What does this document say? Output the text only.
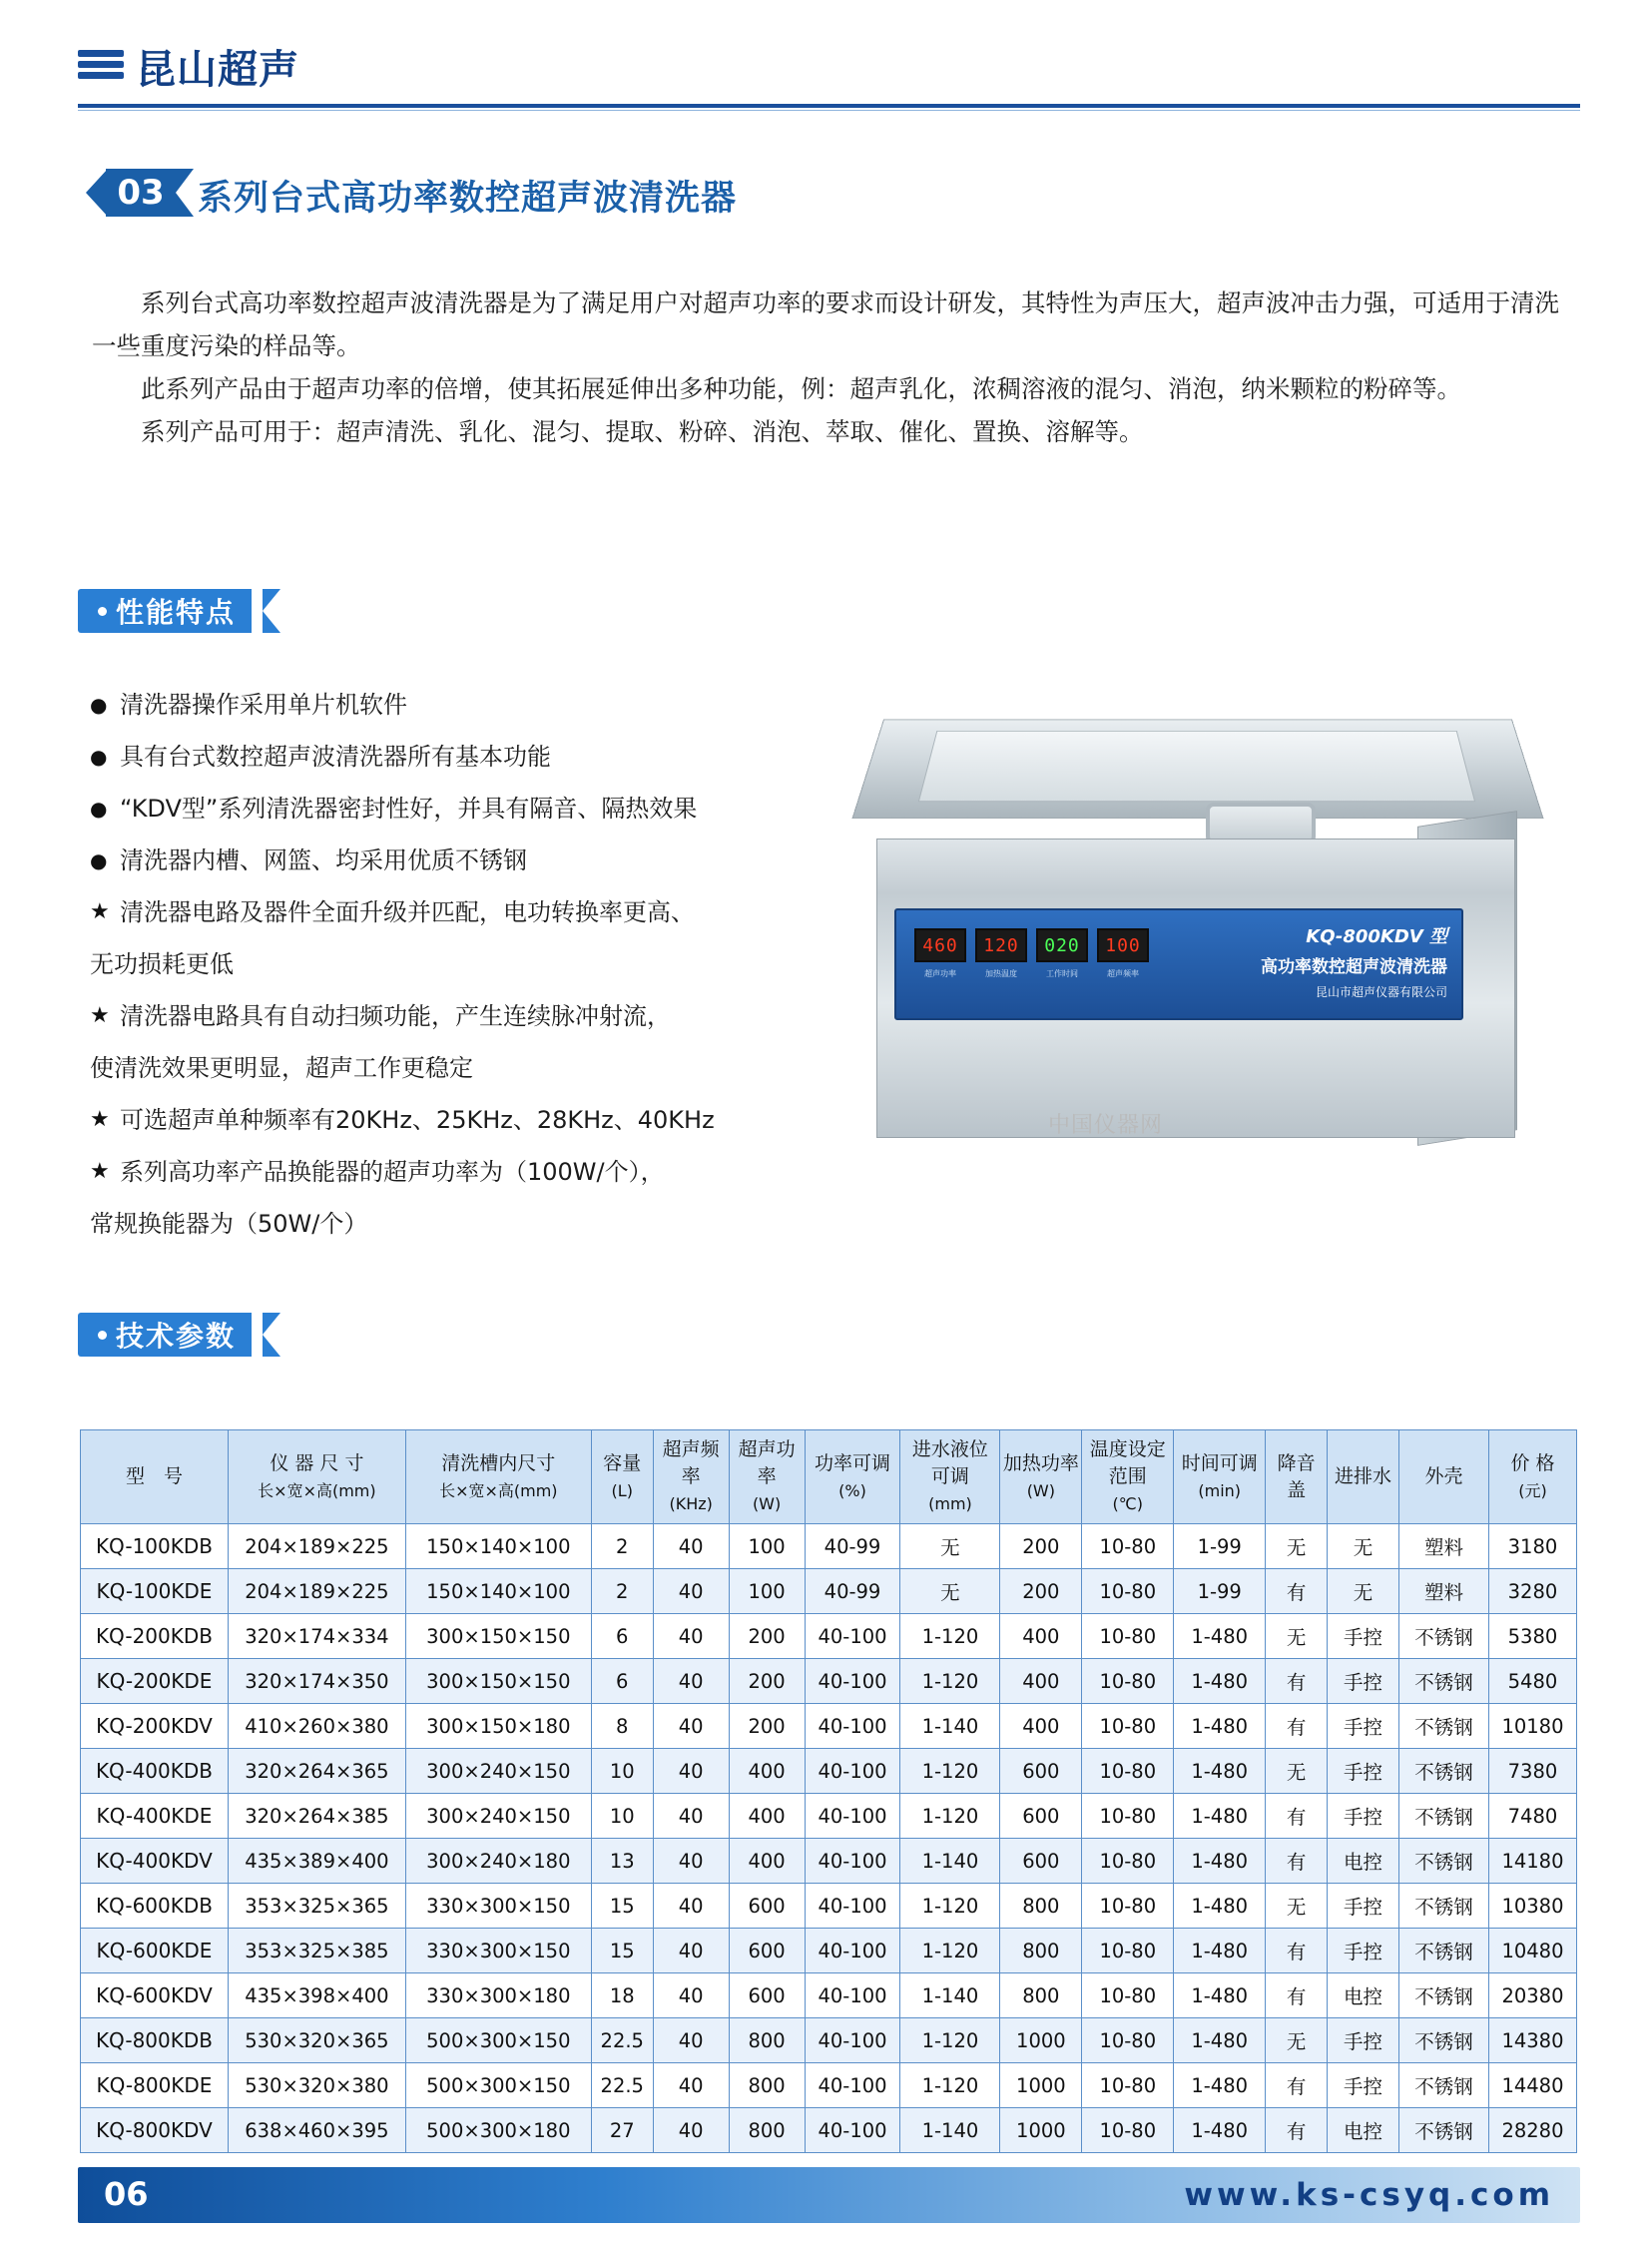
昆山超声
03 系列台式高功率数控超声波清洗器

系列台式高功率数控超声波清洗器是为了满足用户对超声功率的要求而设计研发，其特性为声压大，超声波冲击力强，可适用于清洗一些重度污染的样品等。

此系列产品由于超声功率的倍增，使其拓展延伸出多种功能，例：超声乳化，浓稠溶液的混匀、消泡，纳米颗粒的粉碎等。

系列产品可用于：超声清洗、乳化、混匀、提取、粉碎、消泡、萃取、催化、置换、溶解等。

性能特点
● 清洗器操作采用单片机软件
● 具有台式数控超声波清洗器所有基本功能
● “KDV型”系列清洗器密封性好，并具有隔音、隔热效果
● 清洗器内槽、网篮、均采用优质不锈钢
★ 清洗器电路及器件全面升级并匹配，电功转换率更高、
无功损耗更低
★ 清洗器电路具有自动扫频功能，产生连续脉冲射流，
使清洗效果更明显，超声工作更稳定
★ 可选超声单种频率有20KHz、25KHz、28KHz、40KHz
★ 系列高功率产品换能器的超声功率为（100W/个），
常规换能器为（50W/个）
460	120	020	100
超声功率	加热温度	工作时间	超声频率
KQ-800KDV 型
高功率数控超声波清洗器
昆山市超声仪器有限公司
中国仪器网
技术参数
型　号

仪 器 尺 寸
长×宽×高(mm)

清洗槽内尺寸
长×宽×高(mm)

容量
(L)

超声频率
(KHz)

超声功率
(W)

功率可调
(%)

进水液位可调
(mm)

加热功率
(W)

温度设定范围
(℃)

时间可调
(min)

降音盖

进排水	外壳

价 格
(元)

KQ-100KDB	204×189×225	150×140×100	2	40	100	40-99	无	200	10-80	1-99	无	无	塑料	3180
KQ-100KDE	204×189×225	150×140×100	2	40	100	40-99	无	200	10-80	1-99	有	无	塑料	3280
KQ-200KDB	320×174×334	300×150×150	6	40	200	40-100	1-120	400	10-80	1-480	无	手控	不锈钢	5380
KQ-200KDE	320×174×350	300×150×150	6	40	200	40-100	1-120	400	10-80	1-480	有	手控	不锈钢	5480
KQ-200KDV	410×260×380	300×150×180	8	40	200	40-100	1-140	400	10-80	1-480	有	手控	不锈钢	10180
KQ-400KDB	320×264×365	300×240×150	10	40	400	40-100	1-120	600	10-80	1-480	无	手控	不锈钢	7380
KQ-400KDE	320×264×385	300×240×150	10	40	400	40-100	1-120	600	10-80	1-480	有	手控	不锈钢	7480
KQ-400KDV	435×389×400	300×240×180	13	40	400	40-100	1-140	600	10-80	1-480	有	电控	不锈钢	14180
KQ-600KDB	353×325×365	330×300×150	15	40	600	40-100	1-120	800	10-80	1-480	无	手控	不锈钢	10380
KQ-600KDE	353×325×385	330×300×150	15	40	600	40-100	1-120	800	10-80	1-480	有	手控	不锈钢	10480
KQ-600KDV	435×398×400	330×300×180	18	40	600	40-100	1-140	800	10-80	1-480	有	电控	不锈钢	20380
KQ-800KDB	530×320×365	500×300×150	22.5	40	800	40-100	1-120	1000	10-80	1-480	无	手控	不锈钢	14380
KQ-800KDE	530×320×380	500×300×150	22.5	40	800	40-100	1-120	1000	10-80	1-480	有	手控	不锈钢	14480
KQ-800KDV	638×460×395	500×300×180	27	40	800	40-100	1-140	1000	10-80	1-480	有	电控	不锈钢	28280
06	www.ks-csyq.com
